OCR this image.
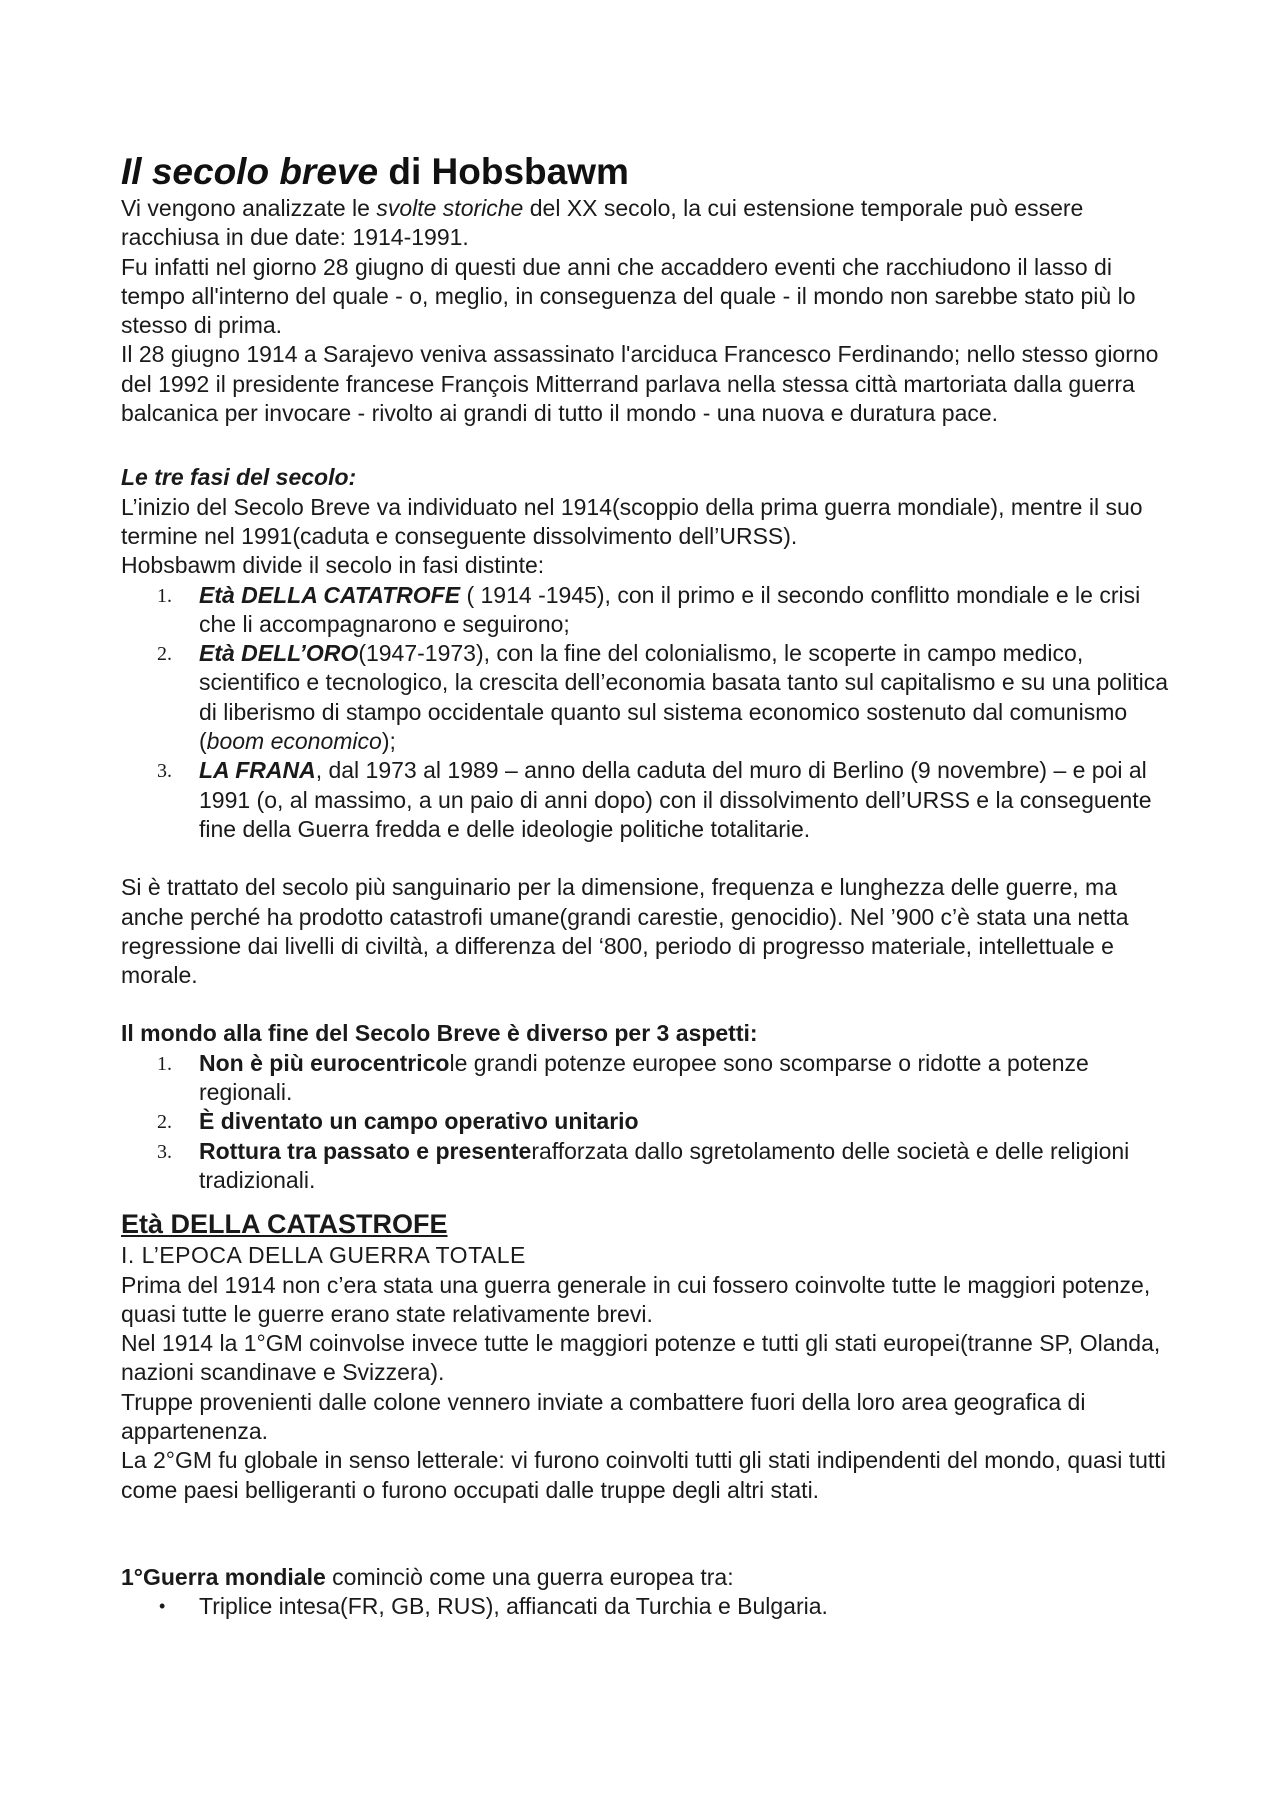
Il secolo breve di Hobsbawm

Vi vengono analizzate le svolte storiche del XX secolo, la cui estensione temporale può essere racchiusa in due date: 1914-1991.

Fu infatti nel giorno 28 giugno di questi due anni che accaddero eventi che racchiudono il lasso di tempo all'interno del quale - o, meglio, in conseguenza del quale - il mondo non sarebbe stato più lo stesso di prima.

Il 28 giugno 1914 a Sarajevo veniva assassinato l'arciduca Francesco Ferdinando; nello stesso giorno del 1992 il presidente francese François Mitterrand parlava nella stessa città martoriata dalla guerra balcanica per invocare - rivolto ai grandi di tutto il mondo - una nuova e duratura pace.

Le tre fasi del secolo:

L’inizio del Secolo Breve va individuato nel 1914(scoppio della prima guerra mondiale), mentre il suo termine nel 1991(caduta e conseguente dissolvimento dell’URSS).

Hobsbawm divide il secolo in fasi distinte:

1. Età DELLA CATATROFE ( 1914 -1945), con il primo e il secondo conflitto mondiale e le crisi che li accompagnarono e seguirono;
2. Età DELL’ORO(1947-1973), con la fine del colonialismo, le scoperte in campo medico, scientifico e tecnologico, la crescita dell’economia basata tanto sul capitalismo e su una politica di liberismo di stampo occidentale quanto sul sistema economico sostenuto dal comunismo (boom economico);
3. LA FRANA, dal 1973 al 1989 – anno della caduta del muro di Berlino (9 novembre) – e poi al 1991 (o, al massimo, a un paio di anni dopo) con il dissolvimento dell’URSS e la conseguente fine della Guerra fredda e delle ideologie politiche totalitarie.

Si è trattato del secolo più sanguinario per la dimensione, frequenza e lunghezza delle guerre, ma anche perché ha prodotto catastrofi umane(grandi carestie, genocidio). Nel ’900 c’è stata una netta regressione dai livelli di civiltà, a differenza del ‘800, periodo di progresso materiale, intellettuale e morale.

Il mondo alla fine del Secolo Breve è diverso per 3 aspetti:

1. Non è più eurocentricole grandi potenze europee sono scomparse o ridotte a potenze regionali.
2. È diventato un campo operativo unitario
3. Rottura tra passato e presenterafforzata dallo sgretolamento delle società e delle religioni tradizionali.
Età DELLA CATASTROFE

I. L’EPOCA DELLA GUERRA TOTALE

Prima del 1914 non c’era stata una guerra generale in cui fossero coinvolte tutte le maggiori potenze, quasi tutte le guerre erano state relativamente brevi.

Nel 1914 la 1°GM coinvolse invece tutte le maggiori potenze e tutti gli stati europei(tranne SP, Olanda, nazioni scandinave e Svizzera).

Truppe provenienti dalle colone vennero inviate a combattere fuori della loro area geografica di appartenenza.

La 2°GM fu globale in senso letterale: vi furono coinvolti tutti gli stati indipendenti del mondo, quasi tutti come paesi belligeranti o furono occupati dalle truppe degli altri stati.

1°Guerra mondiale cominciò come una guerra europea tra:

• Triplice intesa(FR, GB, RUS), affiancati da Turchia e Bulgaria.
